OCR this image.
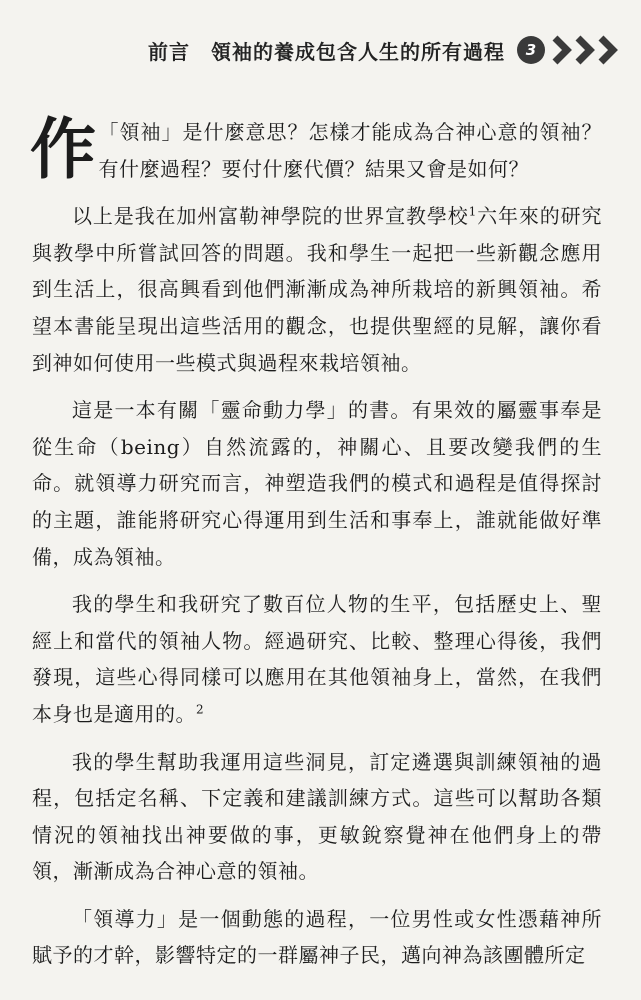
前言　領袖的養成包含人生的所有過程	3

作 「領袖」是什麼意思？怎樣才能成為合神心意的領袖？有什麼過程？要付什麼代價？結果又會是如何？

以上是我在加州富勒神學院的世界宣教學校$^1$六年來的研究與教學中所嘗試回答的問題。我和學生一起把一些新觀念應用到生活上，很高興看到他們漸漸成為神所栽培的新興領袖。希望本書能呈現出這些活用的觀念，也提供聖經的見解，讓你看到神如何使用一些模式與過程來栽培領袖。

這是一本有關「靈命動力學」的書。有果效的屬靈事奉是從生命（being）自然流露的，神關心、且要改變我們的生命。就領導力研究而言，神塑造我們的模式和過程是值得探討的主題，誰能將研究心得運用到生活和事奉上，誰就能做好準備，成為領袖。

我的學生和我研究了數百位人物的生平，包括歷史上、聖經上和當代的領袖人物。經過研究、比較、整理心得後，我們發現，這些心得同樣可以應用在其他領袖身上，當然，在我們本身也是適用的。$^2$

我的學生幫助我運用這些洞見，訂定遴選與訓練領袖的過程，包括定名稱、下定義和建議訓練方式。這些可以幫助各類情況的領袖找出神要做的事，更敏銳察覺神在他們身上的帶領，漸漸成為合神心意的領袖。

「領導力」是一個動態的過程，一位男性或女性憑藉神所賦予的才幹，影響特定的一群屬神子民，邁向神為該團體所定
